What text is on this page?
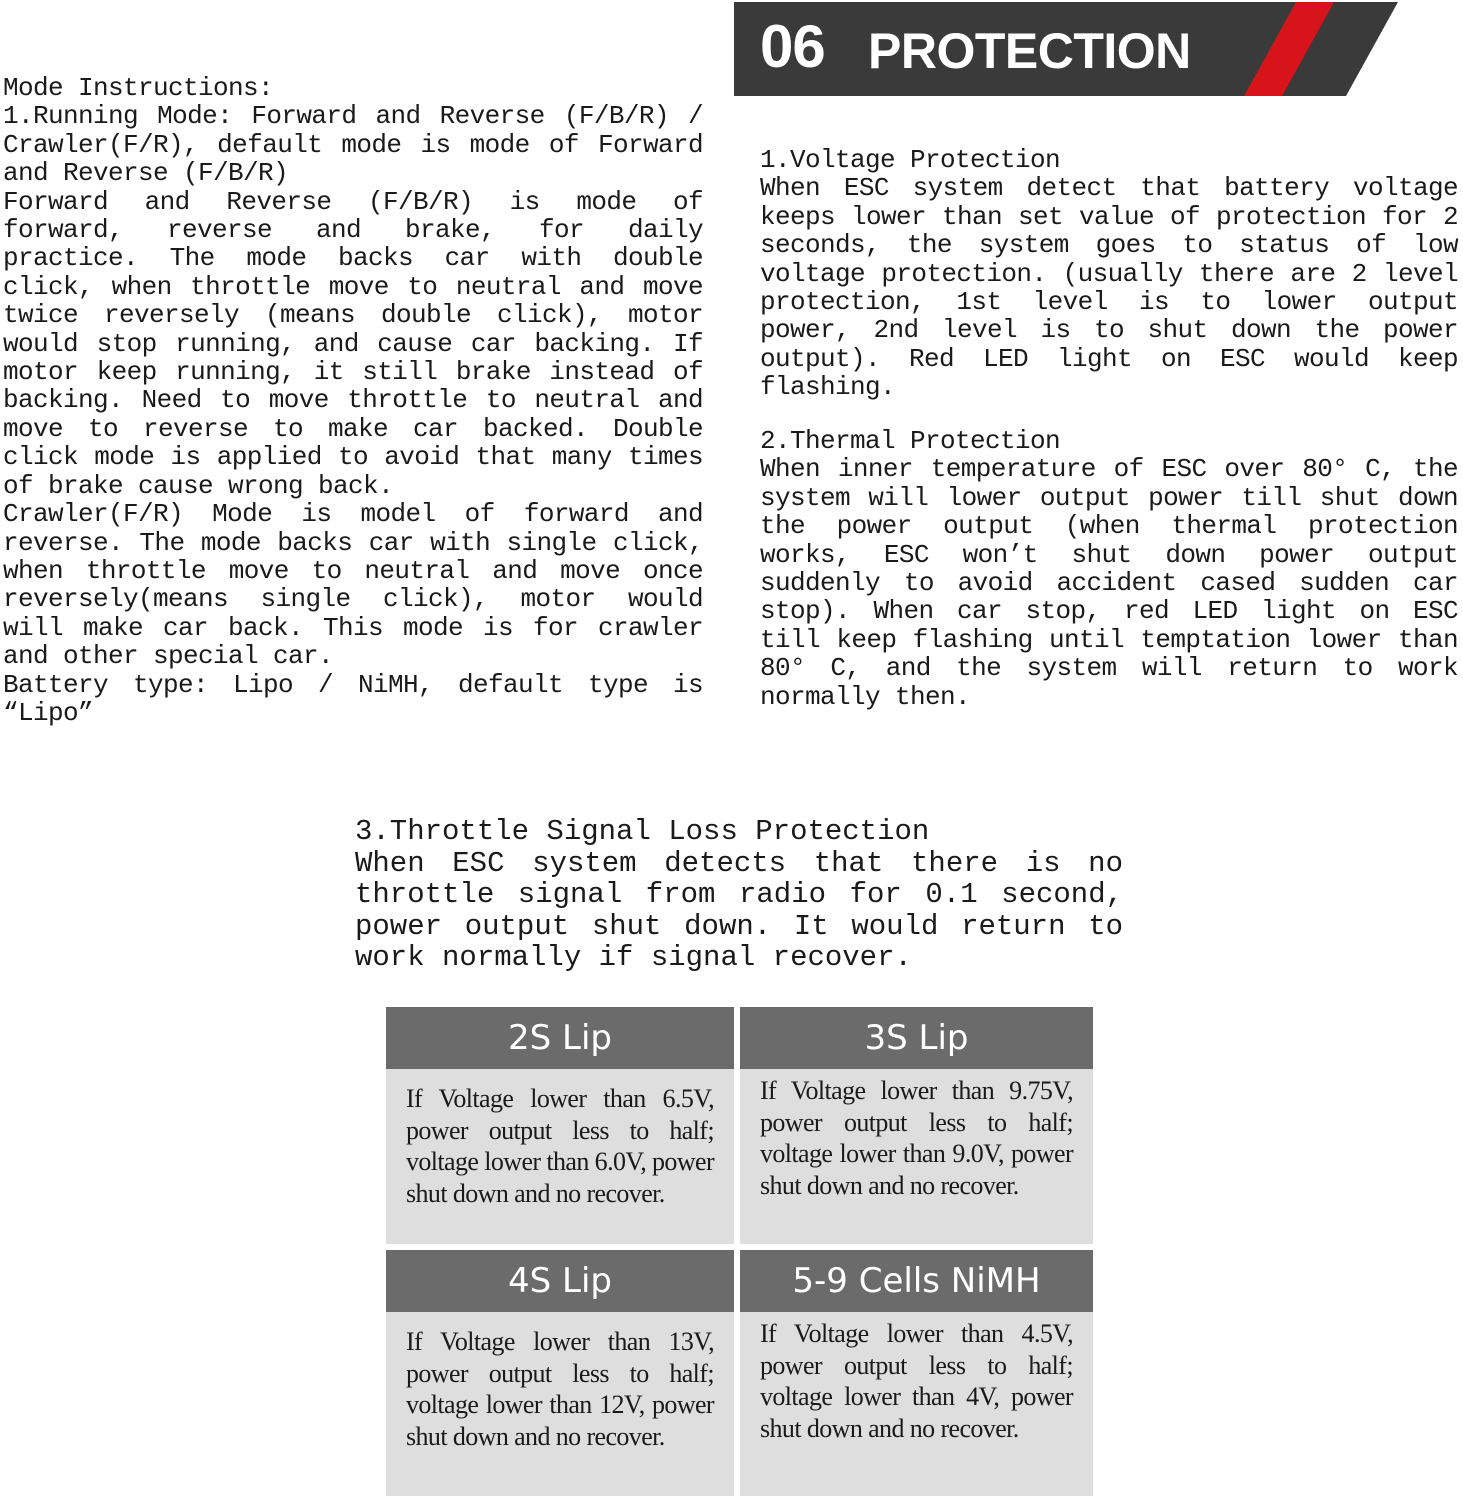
06 PROTECTION

Mode Instructions:

1.Running Mode: Forward and Reverse (F/B/R) / Crawler(F/R), default mode is mode of Forward and Reverse (F/B/R)

Forward and Reverse (F/B/R) is mode of forward, reverse and brake, for daily practice. The mode backs car with double click, when throttle move to neutral and move twice reversely (means double click), motor would stop running, and cause car backing. If motor keep running, it still brake instead of backing. Need to move throttle to neutral and move to reverse to make car backed. Double click mode is applied to avoid that many times of brake cause wrong back.

Crawler(F/R) Mode is model of forward and reverse. The mode backs car with single click, when throttle move to neutral and move once reversely(means single click), motor would will make car back. This mode is for crawler and other special car.

Battery type: Lipo / NiMH, default type is “Lipo”

1.Voltage Protection

When ESC system detect that battery voltage keeps lower than set value of protection for 2 seconds, the system goes to status of low voltage protection. (usually there are 2 level protection, 1st level is to lower output power, 2nd level is to shut down the power output). Red LED light on ESC would keep flashing.

2.Thermal Protection

When inner temperature of ESC over 80° C, the system will lower output power till shut down the power output (when thermal protection works, ESC won’t shut down power output suddenly to avoid accident cased sudden car stop). When car stop, red LED light on ESC till keep flashing until temptation lower than 80° C, and the system will return to work normally then.

3.Throttle Signal Loss Protection

When ESC system detects that there is no throttle signal from radio for 0.1 second, power output shut down. It would return to work normally if signal recover.

2S Lip
If Voltage lower than 6.5V, power output less to half; voltage lower than 6.0V, power shut down and no recover.
3S Lip
If Voltage lower than 9.75V, power output less to half; voltage lower than 9.0V, power shut down and no recover.
4S Lip
If Voltage lower than 13V, power output less to half; voltage lower than 12V, power shut down and no recover.
5-9 Cells NiMH
If Voltage lower than 4.5V, power output less to half; voltage lower than 4V, power shut down and no recover.
